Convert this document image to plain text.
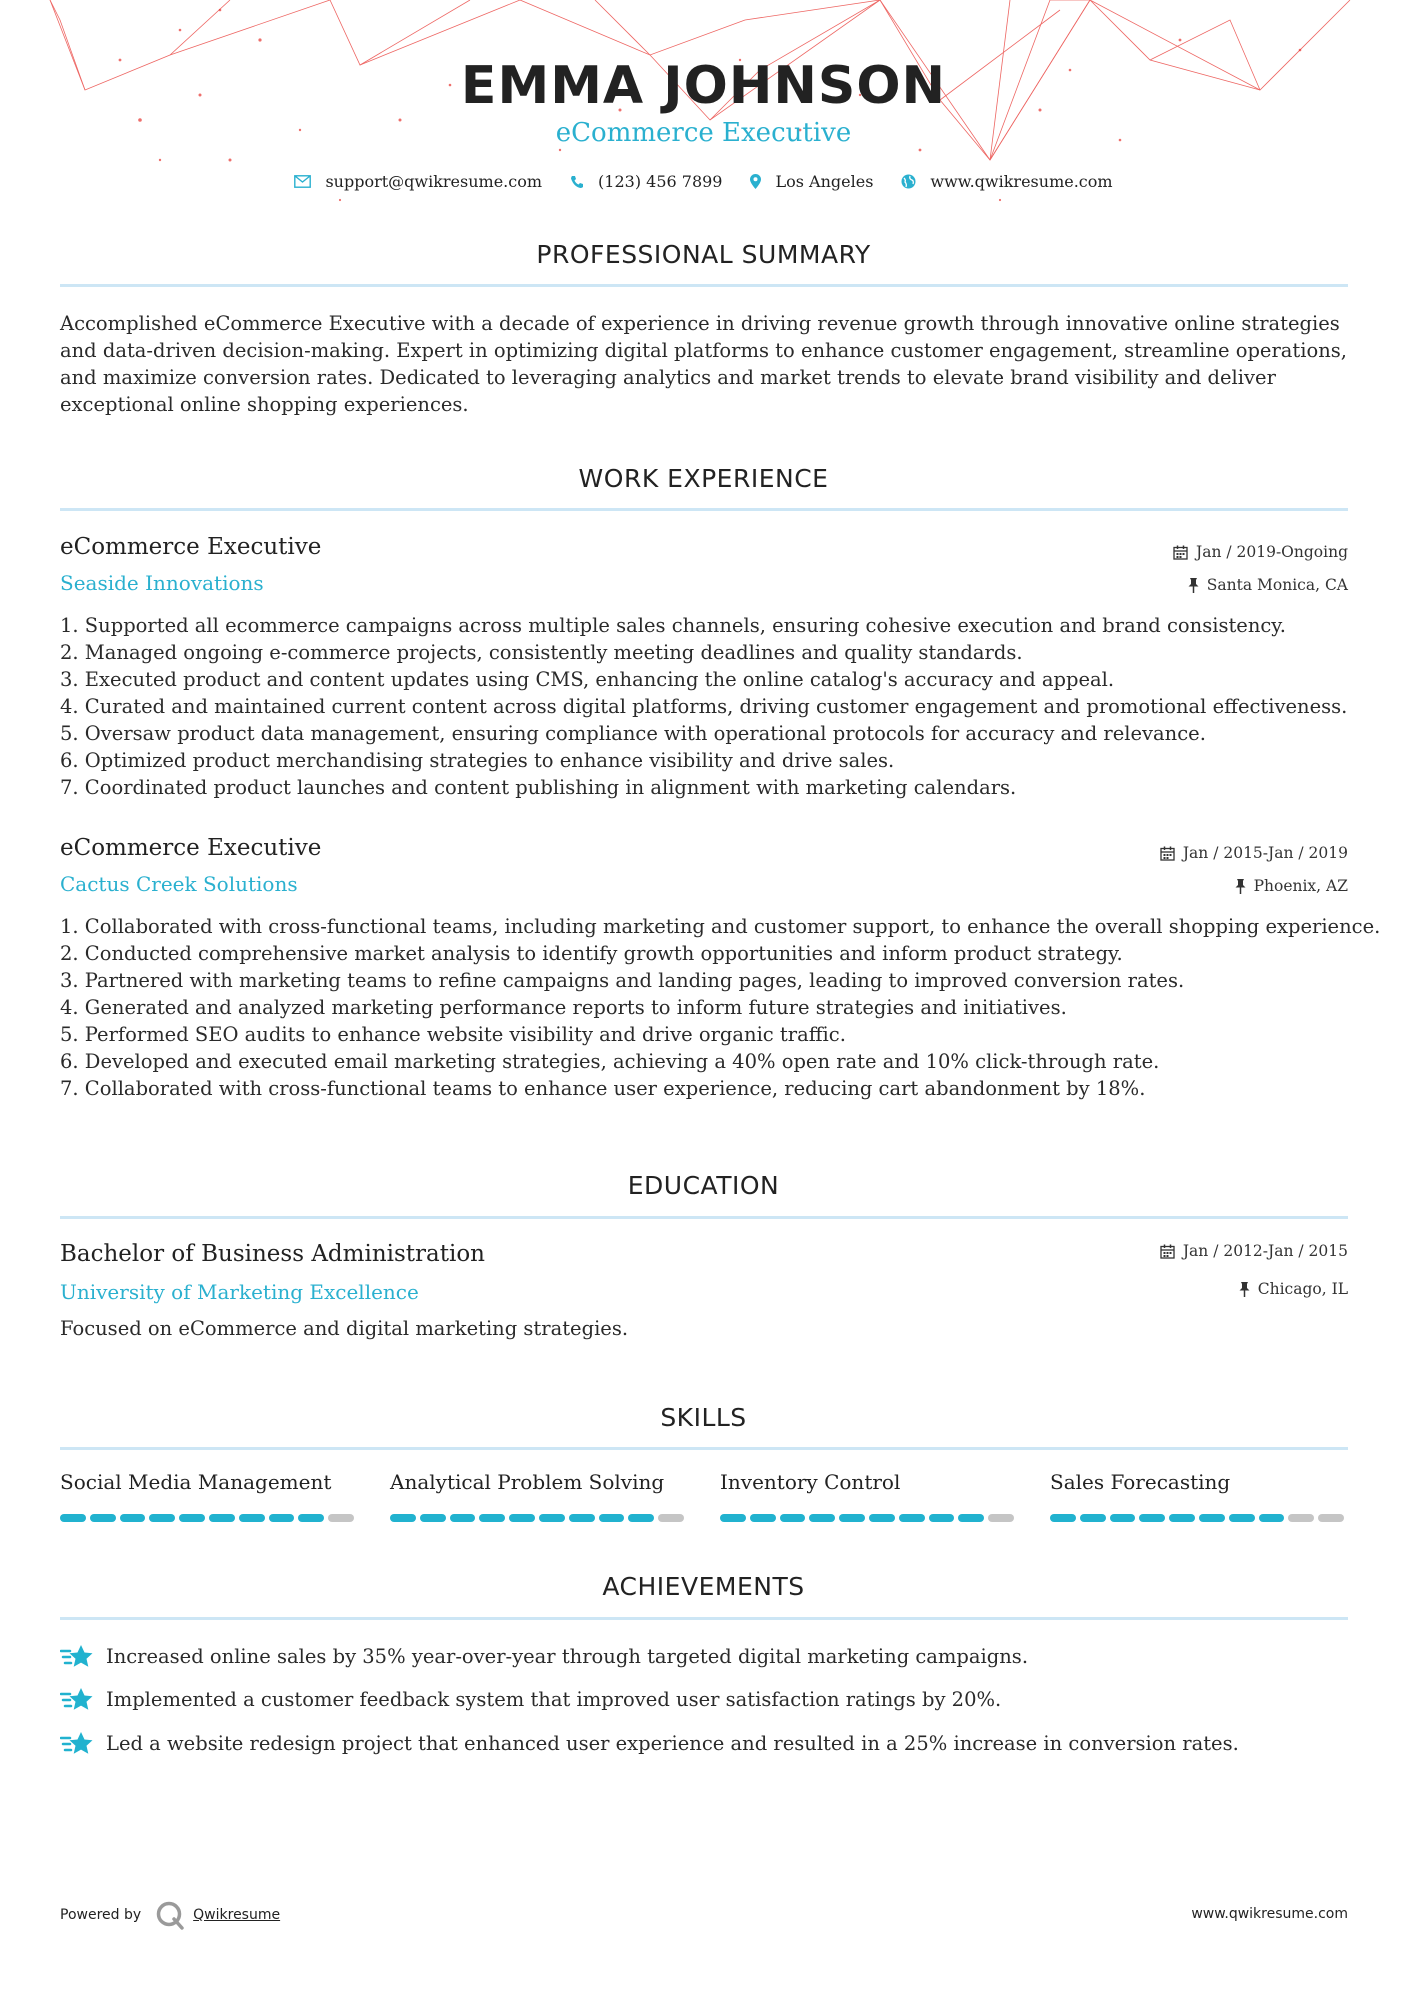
EMMA JOHNSON
eCommerce Executive
support@qwikresume.com	(123) 456 7899	Los Angeles	www.qwikresume.com
PROFESSIONAL SUMMARY
Accomplished eCommerce Executive with a decade of experience in driving revenue growth through innovative online strategies and data-driven decision-making. Expert in optimizing digital platforms to enhance customer engagement, streamline operations, and maximize conversion rates. Dedicated to leveraging analytics and market trends to elevate brand visibility and deliver exceptional online shopping experiences.
WORK EXPERIENCE
eCommerce Executive	Jan / 2019-Ongoing
Seaside Innovations	Santa Monica, CA
1. Supported all ecommerce campaigns across multiple sales channels, ensuring cohesive execution and brand consistency.
2. Managed ongoing e-commerce projects, consistently meeting deadlines and quality standards.
3. Executed product and content updates using CMS, enhancing the online catalog's accuracy and appeal.
4. Curated and maintained current content across digital platforms, driving customer engagement and promotional effectiveness.
5. Oversaw product data management, ensuring compliance with operational protocols for accuracy and relevance.
6. Optimized product merchandising strategies to enhance visibility and drive sales.
7. Coordinated product launches and content publishing in alignment with marketing calendars.
eCommerce Executive	Jan / 2015-Jan / 2019
Cactus Creek Solutions	Phoenix, AZ
1. Collaborated with cross-functional teams, including marketing and customer support, to enhance the overall shopping experience.
2. Conducted comprehensive market analysis to identify growth opportunities and inform product strategy.
3. Partnered with marketing teams to refine campaigns and landing pages, leading to improved conversion rates.
4. Generated and analyzed marketing performance reports to inform future strategies and initiatives.
5. Performed SEO audits to enhance website visibility and drive organic traffic.
6. Developed and executed email marketing strategies, achieving a 40% open rate and 10% click-through rate.
7. Collaborated with cross-functional teams to enhance user experience, reducing cart abandonment by 18%.
EDUCATION
Bachelor of Business Administration	Jan / 2012-Jan / 2015
University of Marketing Excellence	Chicago, IL
Focused on eCommerce and digital marketing strategies.
SKILLS
Social Media Management	Analytical Problem Solving	Inventory Control	Sales Forecasting
ACHIEVEMENTS
Increased online sales by 35% year-over-year through targeted digital marketing campaigns.
Implemented a customer feedback system that improved user satisfaction ratings by 20%.
Led a website redesign project that enhanced user experience and resulted in a 25% increase in conversion rates.
Powered by	Qwikresume	www.qwikresume.com
